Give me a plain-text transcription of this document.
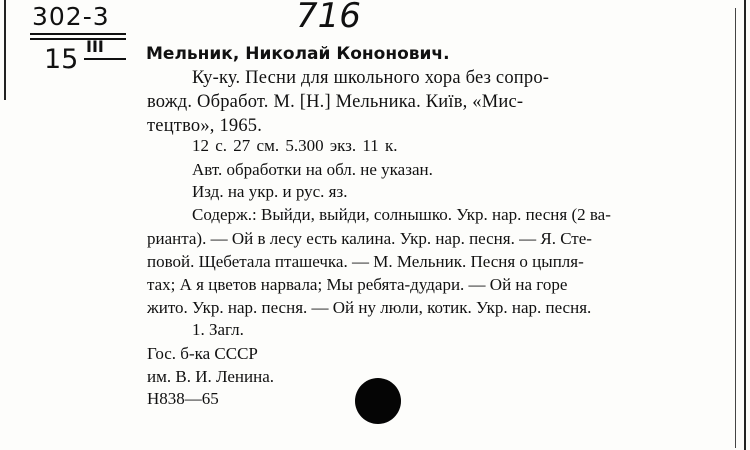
302-3
15 III
716
Мельник, Николай Кононович.
Ку-ку. Песни для школьного хора без сопро-
вожд. Обработ. М. [Н.] Мельника. Київ, «Мис-
тецтво», 1965.
12 с. 27 см. 5.300 экз. 11 к.
Авт. обработки на обл. не указан.
Изд. на укр. и рус. яз.
Содерж.: Выйди, выйди, солнышко. Укр. нар. песня (2 ва-
рианта). — Ой в лесу есть калина. Укр. нар. песня. — Я. Сте-
повой. Щебетала пташечка. — М. Мельник. Песня о цыпля-
тах; А я цветов нарвала; Мы ребята-дудари. — Ой на горе
жито. Укр. нар. песня. — Ой ну люли, котик. Укр. нар. песня.
1. Загл.
Гос. б-ка СССР
им. В. И. Ленина.
Н838—65
